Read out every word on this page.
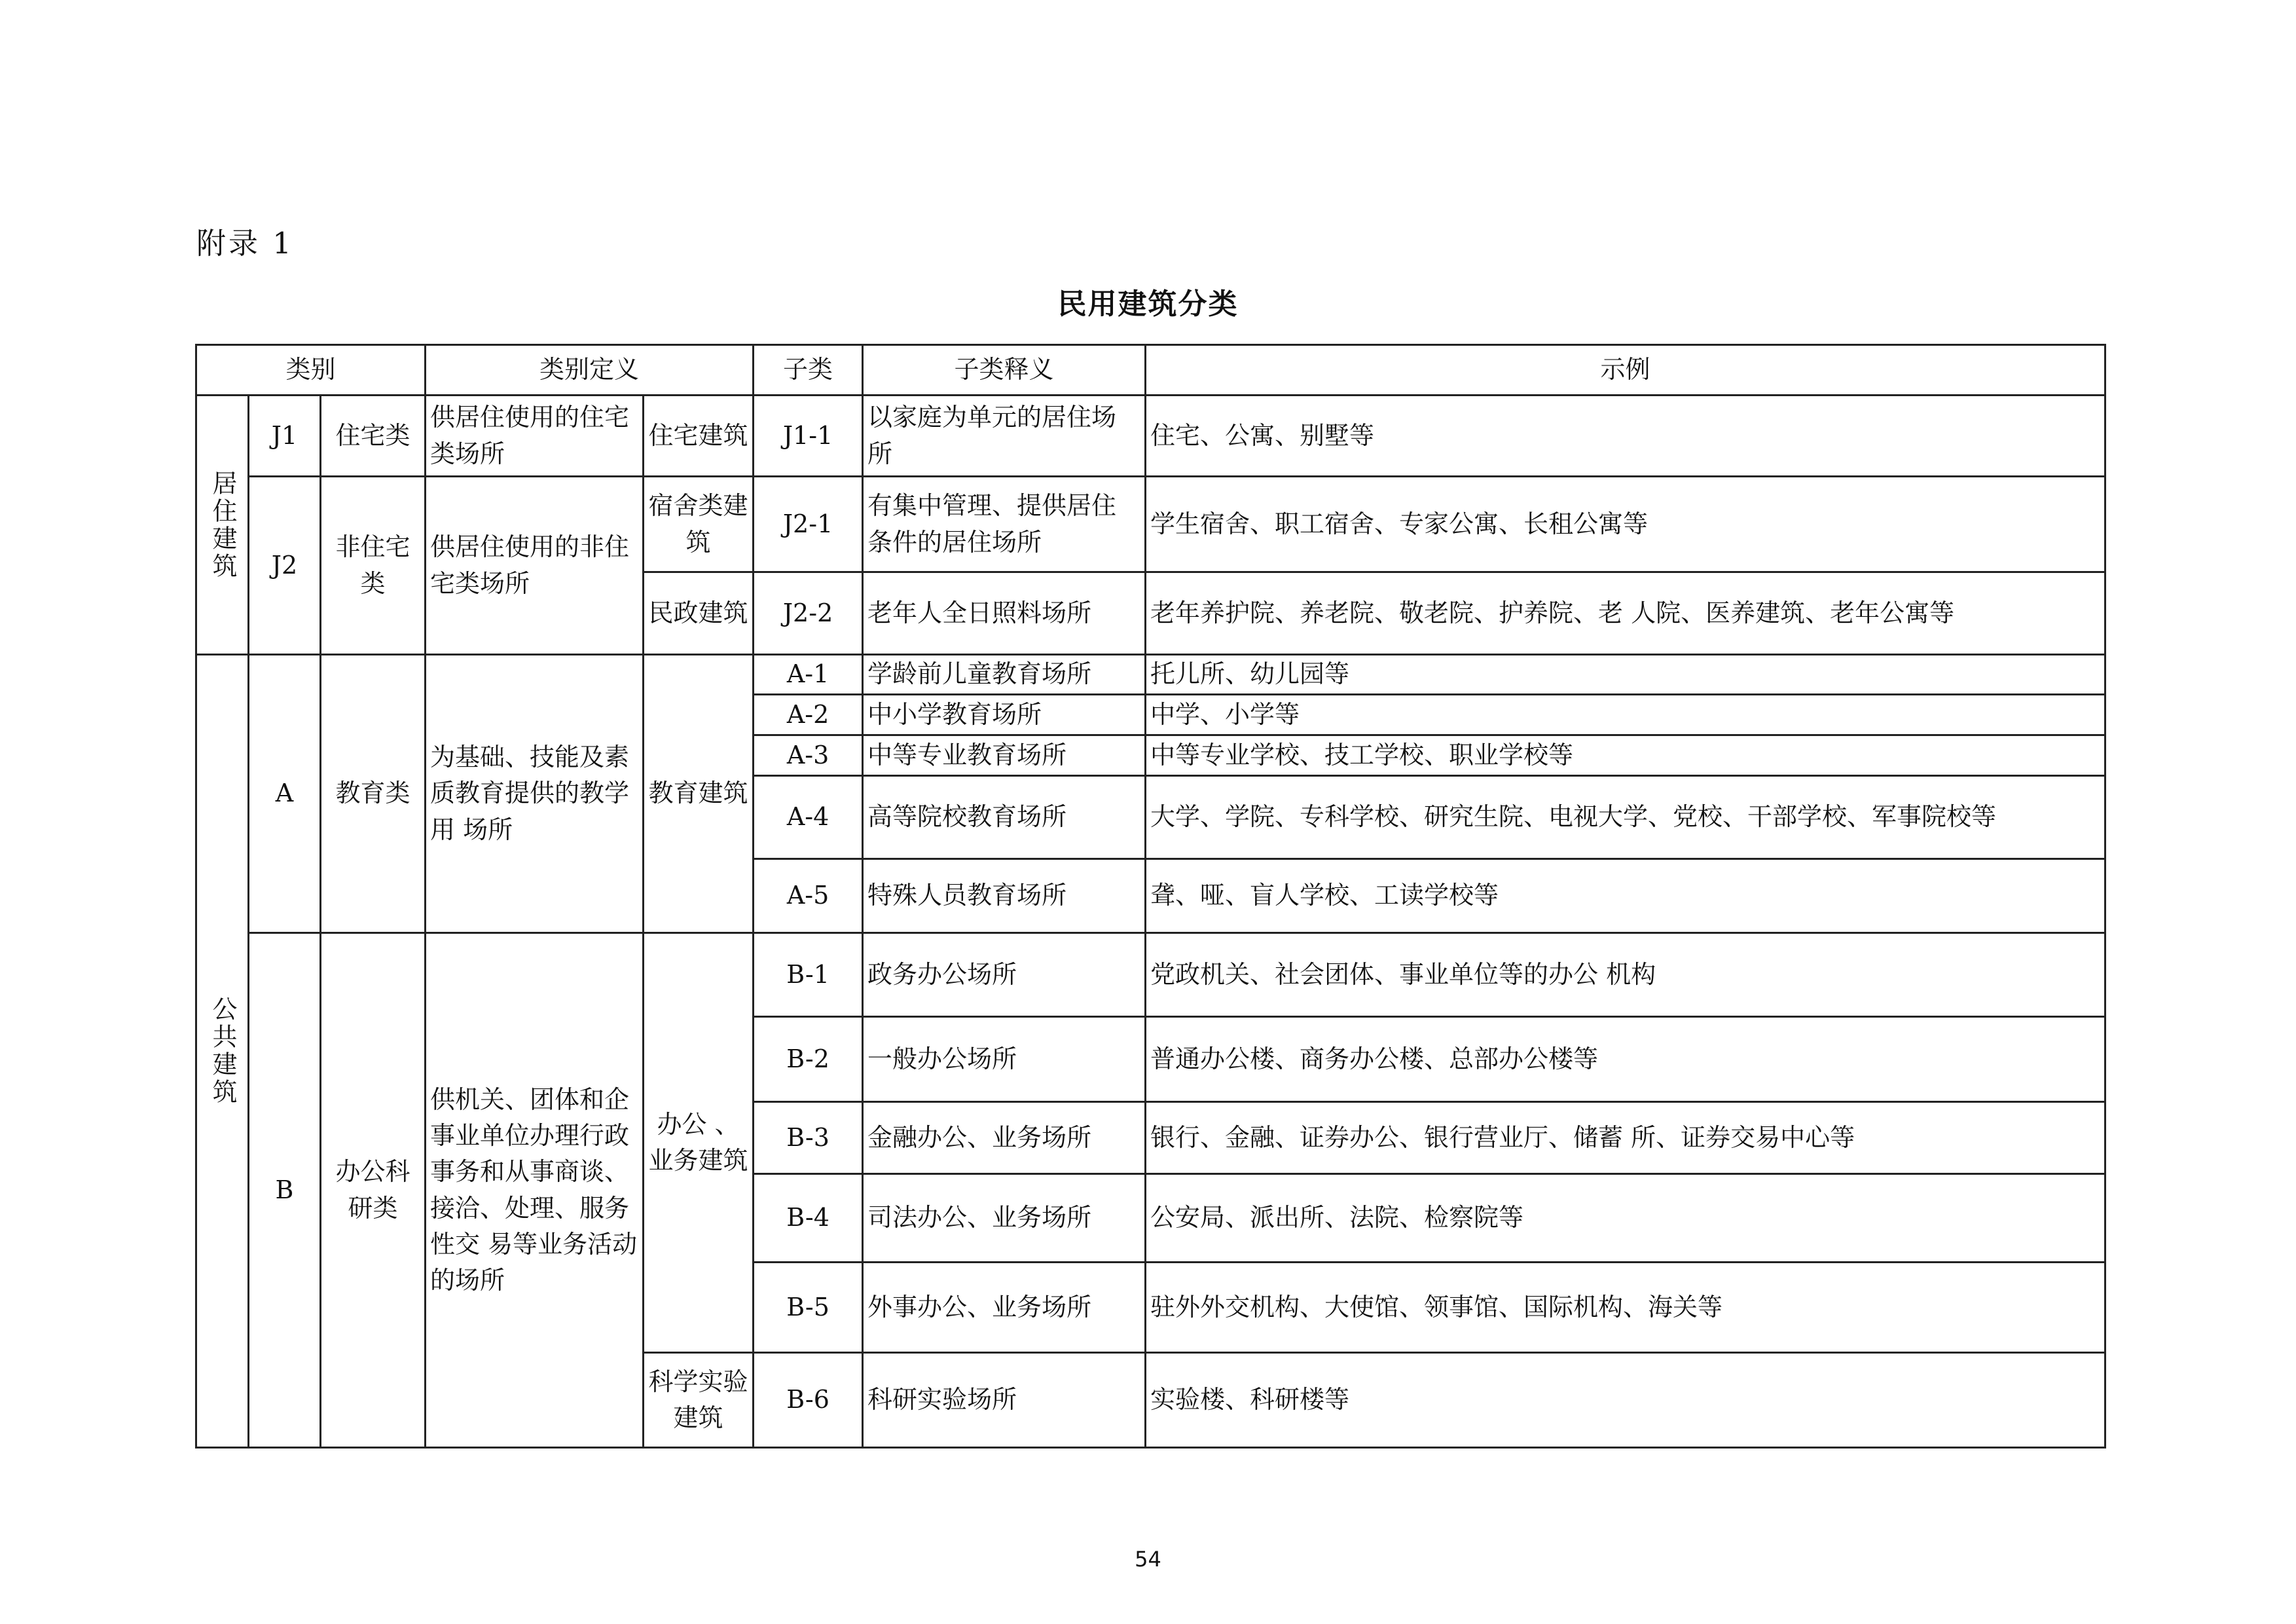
附录 1
民用建筑分类
类别			类别定义		子类	子类释义	示例

居住建筑	J1	住宅类	供居住使用的住宅类场所	住宅建筑	J1-1	以家庭为单元的居住场所	住宅、公寓、别墅等
	J2	非住宅类	供居住使用的非住宅类场所	宿舍类建筑	J2-1	有集中管理、提供居住条件的居住场所	学生宿舍、职工宿舍、专家公寓、长租公寓等
				民政建筑	J2-2	老年人全日照料场所	老年养护院、养老院、敬老院、护养院、老 人院、医养建筑、老年公寓等

公共建筑	A	教育类	为基础、技能及素质教育提供的教学用 场所	教育建筑	A-1	学龄前儿童教育场所	托儿所、幼儿园等
					A-2	中小学教育场所	中学、小学等
					A-3	中等专业教育场所	中等专业学校、技工学校、职业学校等
					A-4	高等院校教育场所	大学、学院、专科学校、研究生院、电视大学、党校、干部学校、军事院校等
					A-5	特殊人员教育场所	聋、哑、盲人学校、工读学校等
	B	办公科研类	供机关、团体和企 事业单位办理行政事务和从事商谈、接洽、处理、服务性交 易等业务活动的场所	办公 、业务建筑	B-1	政务办公场所	党政机关、社会团体、事业单位等的办公 机构
					B-2	一般办公场所	普通办公楼、商务办公楼、总部办公楼等
					B-3	金融办公、业务场所	银行、金融、证券办公、银行营业厅、储蓄 所、证券交易中心等
					B-4	司法办公、业务场所	公安局、派出所、法院、检察院等
					B-5	外事办公、业务场所	驻外外交机构、大使馆、领事馆、国际机构、海关等
				科学实验建筑	B-6	科研实验场所	实验楼、科研楼等
54
